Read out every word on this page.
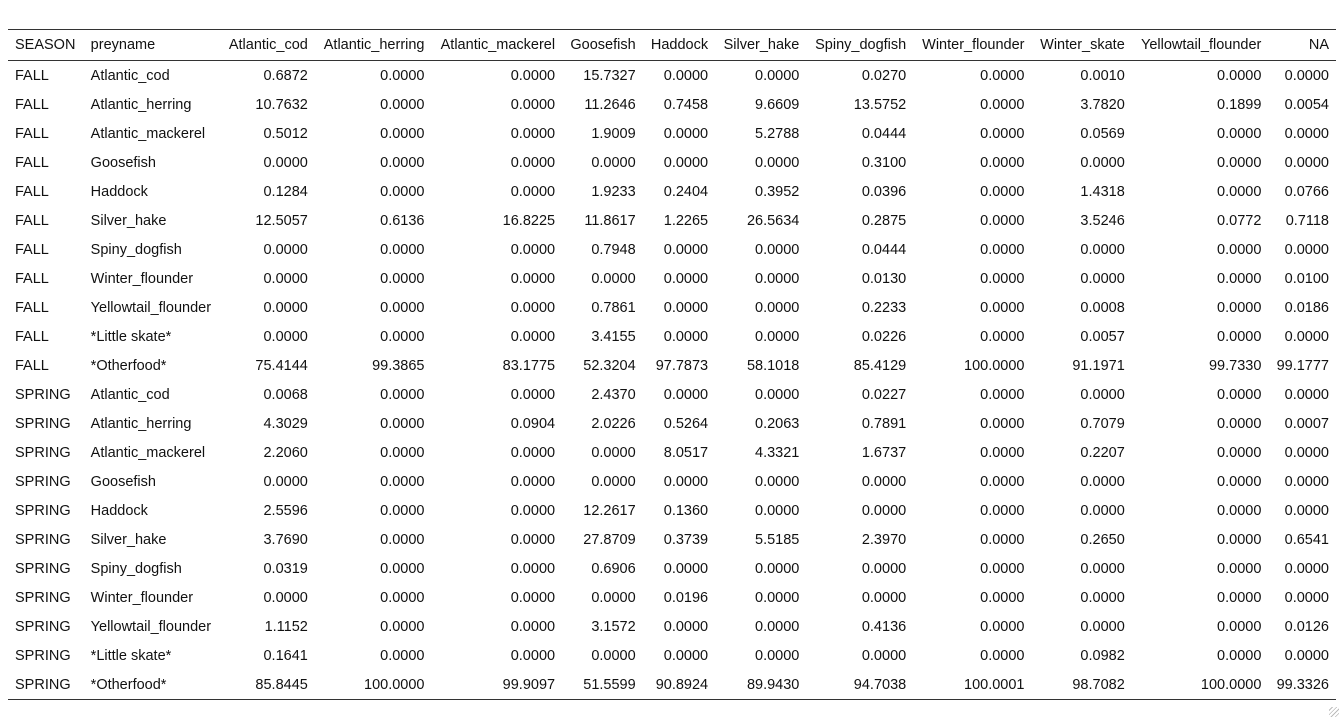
SEASON	preyname	Atlantic_cod	Atlantic_herring	Atlantic_mackerel	Goosefish	Haddock	Silver_hake	Spiny_dogfish	Winter_flounder	Winter_skate	Yellowtail_flounder	NA
FALL	Atlantic_cod	0.6872	0.0000	0.0000	15.7327	0.0000	0.0000	0.0270	0.0000	0.0010	0.0000	0.0000
FALL	Atlantic_herring	10.7632	0.0000	0.0000	11.2646	0.7458	9.6609	13.5752	0.0000	3.7820	0.1899	0.0054
FALL	Atlantic_mackerel	0.5012	0.0000	0.0000	1.9009	0.0000	5.2788	0.0444	0.0000	0.0569	0.0000	0.0000
FALL	Goosefish	0.0000	0.0000	0.0000	0.0000	0.0000	0.0000	0.3100	0.0000	0.0000	0.0000	0.0000
FALL	Haddock	0.1284	0.0000	0.0000	1.9233	0.2404	0.3952	0.0396	0.0000	1.4318	0.0000	0.0766
FALL	Silver_hake	12.5057	0.6136	16.8225	11.8617	1.2265	26.5634	0.2875	0.0000	3.5246	0.0772	0.7118
FALL	Spiny_dogfish	0.0000	0.0000	0.0000	0.7948	0.0000	0.0000	0.0444	0.0000	0.0000	0.0000	0.0000
FALL	Winter_flounder	0.0000	0.0000	0.0000	0.0000	0.0000	0.0000	0.0130	0.0000	0.0000	0.0000	0.0100
FALL	Yellowtail_flounder	0.0000	0.0000	0.0000	0.7861	0.0000	0.0000	0.2233	0.0000	0.0008	0.0000	0.0186
FALL	*Little skate*	0.0000	0.0000	0.0000	3.4155	0.0000	0.0000	0.0226	0.0000	0.0057	0.0000	0.0000
FALL	*Otherfood*	75.4144	99.3865	83.1775	52.3204	97.7873	58.1018	85.4129	100.0000	91.1971	99.7330	99.1777
SPRING	Atlantic_cod	0.0068	0.0000	0.0000	2.4370	0.0000	0.0000	0.0227	0.0000	0.0000	0.0000	0.0000
SPRING	Atlantic_herring	4.3029	0.0000	0.0904	2.0226	0.5264	0.2063	0.7891	0.0000	0.7079	0.0000	0.0007
SPRING	Atlantic_mackerel	2.2060	0.0000	0.0000	0.0000	8.0517	4.3321	1.6737	0.0000	0.2207	0.0000	0.0000
SPRING	Goosefish	0.0000	0.0000	0.0000	0.0000	0.0000	0.0000	0.0000	0.0000	0.0000	0.0000	0.0000
SPRING	Haddock	2.5596	0.0000	0.0000	12.2617	0.1360	0.0000	0.0000	0.0000	0.0000	0.0000	0.0000
SPRING	Silver_hake	3.7690	0.0000	0.0000	27.8709	0.3739	5.5185	2.3970	0.0000	0.2650	0.0000	0.6541
SPRING	Spiny_dogfish	0.0319	0.0000	0.0000	0.6906	0.0000	0.0000	0.0000	0.0000	0.0000	0.0000	0.0000
SPRING	Winter_flounder	0.0000	0.0000	0.0000	0.0000	0.0196	0.0000	0.0000	0.0000	0.0000	0.0000	0.0000
SPRING	Yellowtail_flounder	1.1152	0.0000	0.0000	3.1572	0.0000	0.0000	0.4136	0.0000	0.0000	0.0000	0.0126
SPRING	*Little skate*	0.1641	0.0000	0.0000	0.0000	0.0000	0.0000	0.0000	0.0000	0.0982	0.0000	0.0000
SPRING	*Otherfood*	85.8445	100.0000	99.9097	51.5599	90.8924	89.9430	94.7038	100.0001	98.7082	100.0000	99.3326
